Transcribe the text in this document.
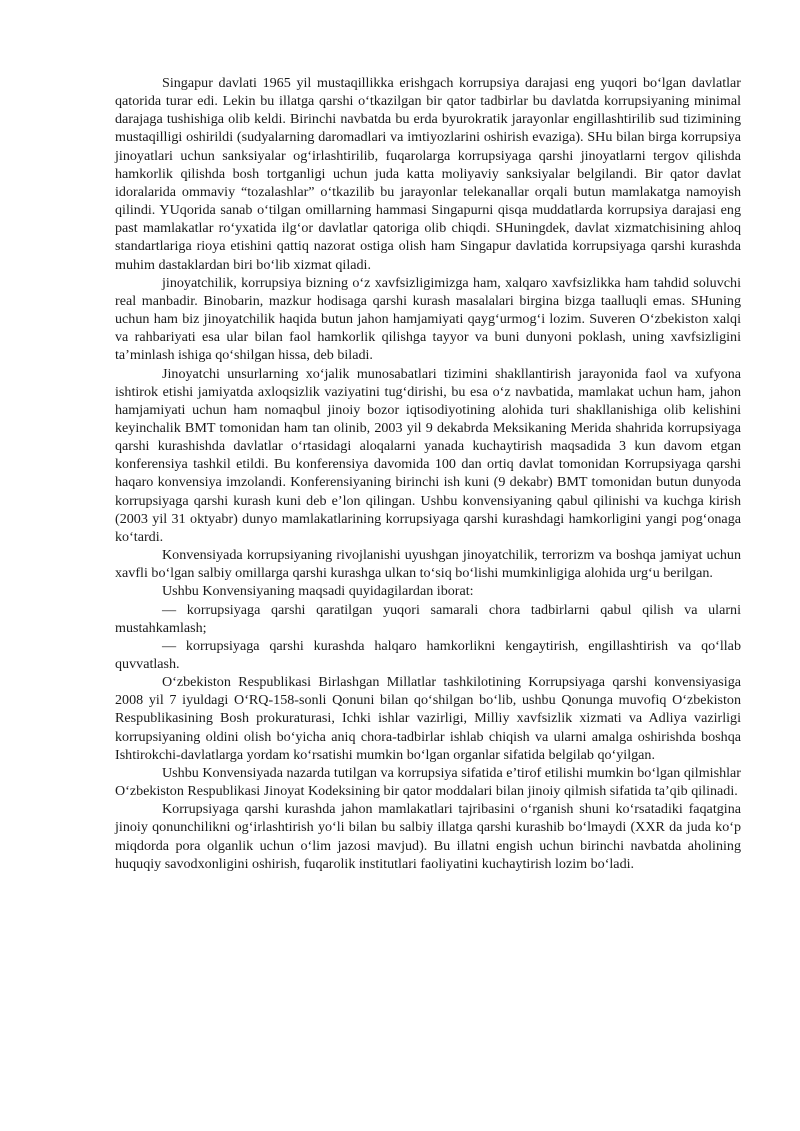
Singapur davlati 1965 yil mustaqillikka erishgach korrupsiya darajasi eng yuqori bo‘lgan davlatlar qatorida turar edi. Lekin bu illatga qarshi o‘tkazilgan bir qator tadbirlar bu davlatda korrupsiyaning minimal darajaga tushishiga olib keldi. Birinchi navbatda bu erda byurokratik jarayonlar engillashtirilib sud tizimining mustaqilligi oshirildi (sudyalarning daromadlari va imtiyozlarini oshirish evaziga). SHu bilan birga korrupsiya jinoyatlari uchun sanksiyalar og‘irlashtirilib, fuqarolarga korrupsiyaga qarshi jinoyatlarni tergov qilishda hamkorlik qilishda bosh tortganligi uchun juda katta moliyaviy sanksiyalar belgilandi. Bir qator davlat idoralarida ommaviy “tozalashlar” o‘tkazilib bu jarayonlar telekanallar orqali butun mamlakatga namoyish qilindi. YUqorida sanab o‘tilgan omillarning hammasi Singapurni qisqa muddatlarda korrupsiya darajasi eng past mamlakatlar ro‘yxatida ilg‘or davlatlar qatoriga olib chiqdi. SHuningdek, davlat xizmatchisining ahloq standartlariga rioya etishini qattiq nazorat ostiga olish ham Singapur davlatida korrupsiyaga qarshi kurashda muhim dastaklardan biri bo‘lib xizmat qiladi.

jinoyatchilik, korrupsiya bizning o‘z xavfsizligimizga ham, xalqaro xavfsizlikka ham tahdid soluvchi real manbadir. Binobarin, mazkur hodisaga qarshi kurash masalalari birgina bizga taalluqli emas. SHuning uchun ham biz jinoyatchilik haqida butun jahon hamjamiyati qayg‘urmog‘i lozim. Suveren O‘zbekiston xalqi va rahbariyati esa ular bilan faol hamkorlik qilishga tayyor va buni dunyoni poklash, uning xavfsizligini ta’minlash ishiga qo‘shilgan hissa, deb biladi.

Jinoyatchi unsurlarning xo‘jalik munosabatlari tizimini shakllantirish jarayonida faol va xufyona ishtirok etishi jamiyatda axloqsizlik vaziyatini tug‘dirishi, bu esa o‘z navbatida, mamlakat uchun ham, jahon hamjamiyati uchun ham nomaqbul jinoiy bozor iqtisodiyotining alohida turi shakllanishiga olib kelishini keyinchalik BMT tomonidan ham tan olinib, 2003 yil 9 dekabrda Meksikaning Merida shahrida korrupsiyaga qarshi kurashishda davlatlar o‘rtasidagi aloqalarni yanada kuchaytirish maqsadida 3 kun davom etgan konferensiya tashkil etildi. Bu konferensiya davomida 100 dan ortiq davlat tomonidan Korrupsiyaga qarshi haqaro konvensiya imzolandi. Konferensiyaning birinchi ish kuni (9 dekabr) BMT tomonidan butun dunyoda korrupsiyaga qarshi kurash kuni deb e’lon qilingan. Ushbu konvensiyaning qabul qilinishi va kuchga kirish (2003 yil 31 oktyabr) dunyo mamlakatlarining korrupsiyaga qarshi kurashdagi hamkorligini yangi pog‘onaga ko‘tardi.

Konvensiyada korrupsiyaning rivojlanishi uyushgan jinoyatchilik, terrorizm va boshqa jamiyat uchun xavfli bo‘lgan salbiy omillarga qarshi kurashga ulkan to‘siq bo‘lishi mumkinligiga alohida urg‘u berilgan.

Ushbu Konvensiyaning maqsadi quyidagilardan iborat:

— korrupsiyaga qarshi qaratilgan yuqori samarali chora tadbirlarni qabul qilish va ularni mustahkamlash;

— korrupsiyaga qarshi kurashda halqaro hamkorlikni kengaytirish, engillashtirish va qo‘llab quvvatlash.

O‘zbekiston Respublikasi Birlashgan Millatlar tashkilotining Korrupsiyaga qarshi konvensiyasiga 2008 yil 7 iyuldagi O‘RQ-158-sonli Qonuni bilan qo‘shilgan bo‘lib, ushbu Qonunga muvofiq O‘zbekiston Respublikasining Bosh prokuraturasi, Ichki ishlar vazirligi, Milliy xavfsizlik xizmati va Adliya vazirligi korrupsiyaning oldini olish bo‘yicha aniq chora-tadbirlar ishlab chiqish va ularni amalga oshirishda boshqa Ishtirokchi-davlatlarga yordam ko‘rsatishi mumkin bo‘lgan organlar sifatida belgilab qo‘yilgan.

Ushbu Konvensiyada nazarda tutilgan va korrupsiya sifatida e’tirof etilishi mumkin bo‘lgan qilmishlar O‘zbekiston Respublikasi Jinoyat Kodeksining bir qator moddalari bilan jinoiy qilmish sifatida ta’qib qilinadi.

Korrupsiyaga qarshi kurashda jahon mamlakatlari tajribasini o‘rganish shuni ko‘rsatadiki faqatgina jinoiy qonunchilikni og‘irlashtirish yo‘li bilan bu salbiy illatga qarshi kurashib bo‘lmaydi (XXR da juda ko‘p miqdorda pora olganlik uchun o‘lim jazosi mavjud). Bu illatni engish uchun birinchi navbatda aholining huquqiy savodxonligini oshirish, fuqarolik institutlari faoliyatini kuchaytirish lozim bo‘ladi.
